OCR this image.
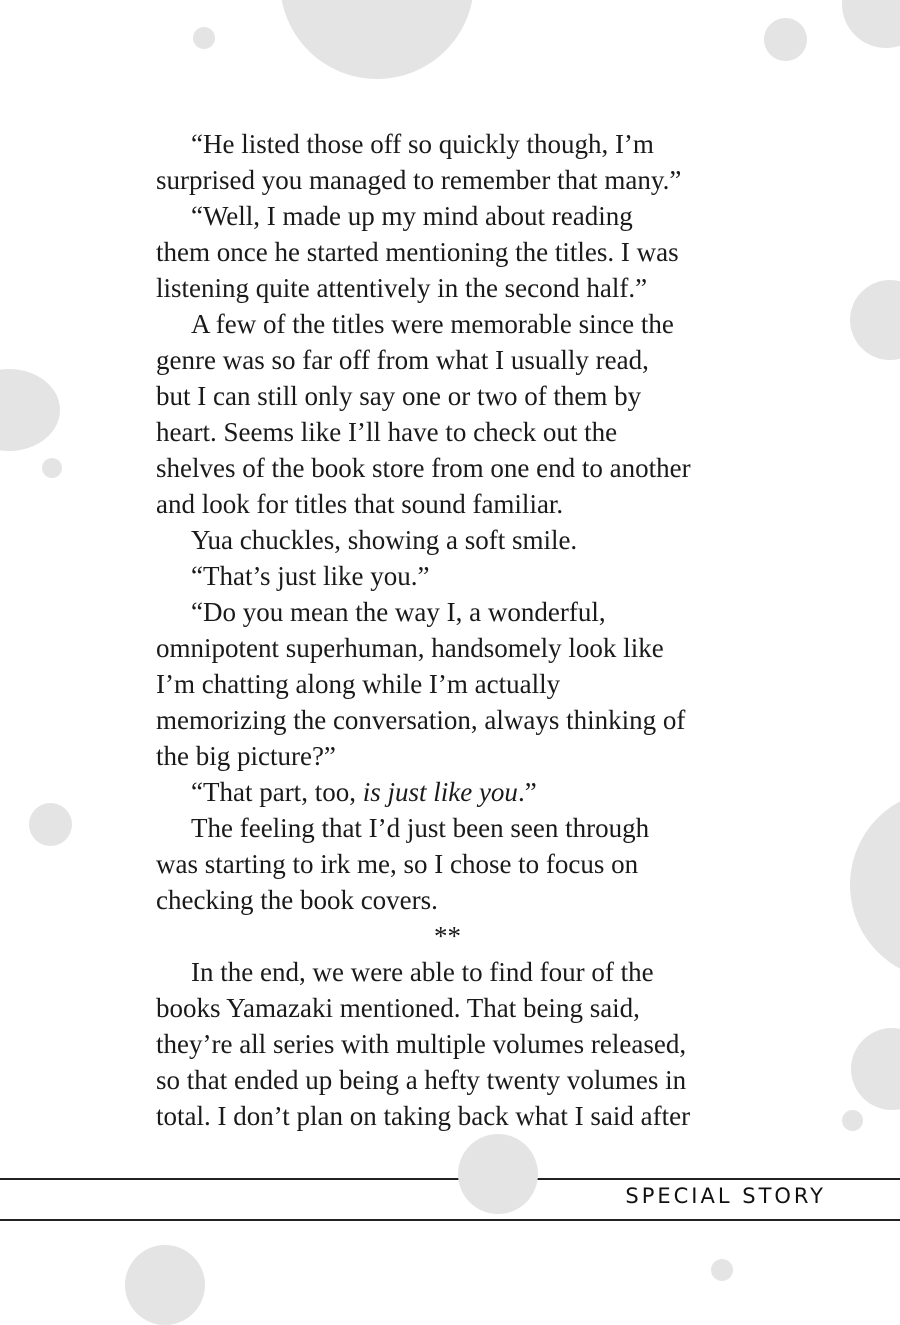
“He listed those off so quickly though, I’m
surprised you managed to remember that many.”
“Well, I made up my mind about reading
them once he started mentioning the titles. I was
listening quite attentively in the second half.”
A few of the titles were memorable since the
genre was so far off from what I usually read,
but I can still only say one or two of them by
heart. Seems like I’ll have to check out the
shelves of the book store from one end to another
and look for titles that sound familiar.
Yua chuckles, showing a soft smile.
“That’s just like you.”
“Do you mean the way I, a wonderful,
omnipotent superhuman, handsomely look like
I’m chatting along while I’m actually
memorizing the conversation, always thinking of
the big picture?”
“That part, too, is just like you.”
The feeling that I’d just been seen through
was starting to irk me, so I chose to focus on
checking the book covers.
**
In the end, we were able to find four of the
books Yamazaki mentioned. That being said,
they’re all series with multiple volumes released,
so that ended up being a hefty twenty volumes in
total. I don’t plan on taking back what I said after
SPECIAL STORY
